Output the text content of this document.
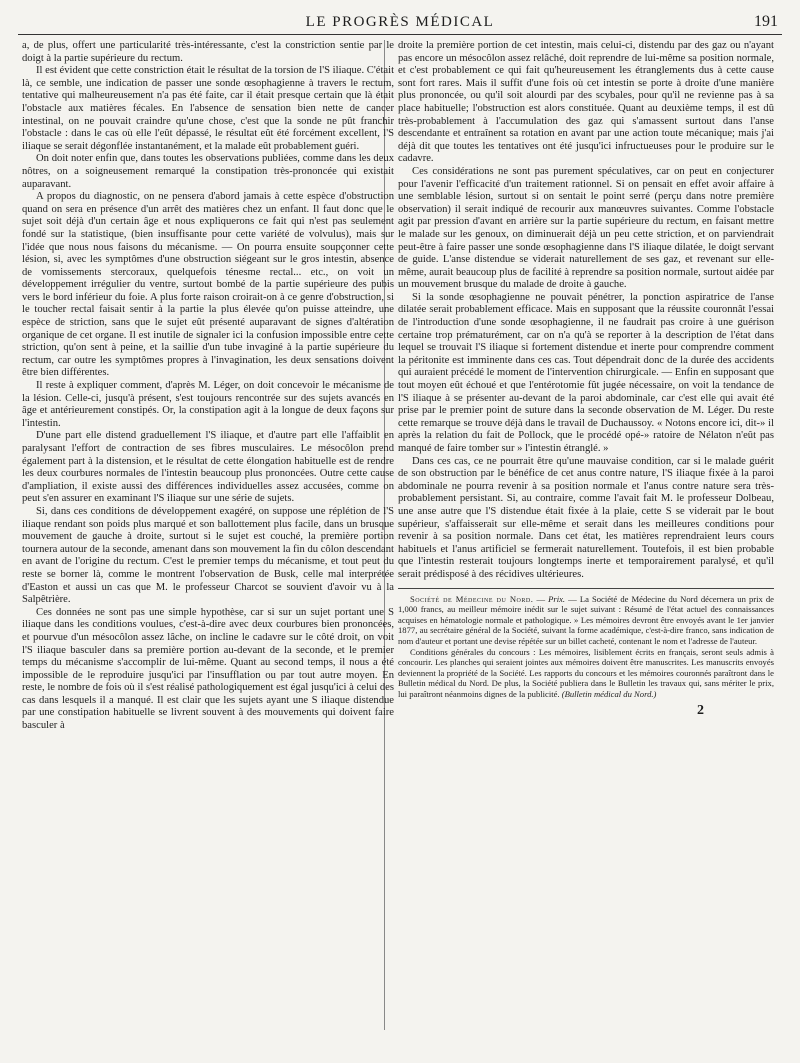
LE PROGRÈS MÉDICAL	191

a, de plus, offert une particularité très-intéressante, c'est la constriction sentie par le doigt à la partie supérieure du rectum.

Il est évident que cette constriction était le résultat de la torsion de l'S iliaque. C'était là, ce semble, une indication de passer une sonde œsophagienne à travers le rectum, tentative qui malheureusement n'a pas été faite, car il était presque certain que là était l'obstacle aux matières fécales. En l'absence de sensation bien nette de cancer intestinal, on ne pouvait craindre qu'une chose, c'est que la sonde ne pût franchir l'obstacle : dans le cas où elle l'eût dépassé, le résultat eût été forcément excellent, l'S iliaque se serait dégonflée instantanément, et la malade eût probablement guéri.

On doit noter enfin que, dans toutes les observations publiées, comme dans les deux nôtres, on a soigneusement remarqué la constipation très-prononcée qui existait auparavant.

A propos du diagnostic, on ne pensera d'abord jamais à cette espèce d'obstruction quand on sera en présence d'un arrêt des matières chez un enfant. Il faut donc que le sujet soit déjà d'un certain âge et nous expliquerons ce fait qui n'est pas seulement fondé sur la statistique, (bien insuffisante pour cette variété de volvulus), mais sur l'idée que nous nous faisons du mécanisme. — On pourra ensuite soupçonner cette lésion, si, avec les symptômes d'une obstruction siégeant sur le gros intestin, absence de vomissements stercoraux, quelquefois ténesme rectal... etc., on voit un développement irrégulier du ventre, surtout bombé de la partie supérieure des pubis vers le bord inférieur du foie. A plus forte raison croirait-on à ce genre d'obstruction, si le toucher rectal faisait sentir à la partie la plus élevée qu'on puisse atteindre, une espèce de striction, sans que le sujet eût présenté auparavant de signes d'altération organique de cet organe. Il est inutile de signaler ici la confusion impossible entre cette striction, qu'on sent à peine, et la saillie d'un tube invaginé à la partie supérieure du rectum, car outre les symptômes propres à l'invagination, les deux sensations doivent être bien différentes.

Il reste à expliquer comment, d'après M. Léger, on doit concevoir le mécanisme de la lésion. Celle-ci, jusqu'à présent, s'est toujours rencontrée sur des sujets avancés en âge et antérieurement constipés. Or, la constipation agit à la longue de deux façons sur l'intestin.

D'une part elle distend graduellement l'S iliaque, et d'autre part elle l'affaiblit en paralysant l'effort de contraction de ses fibres musculaires. Le mésocôlon prend également part à la distension, et le résultat de cette élongation habituelle est de rendre les deux courbures normales de l'intestin beaucoup plus prononcées. Outre cette cause d'ampliation, il existe aussi des différences individuelles assez accusées, comme on peut s'en assurer en examinant l'S iliaque sur une série de sujets.

Si, dans ces conditions de développement exagéré, on suppose une réplétion de l'S iliaque rendant son poids plus marqué et son ballottement plus facile, dans un brusque mouvement de gauche à droite, surtout si le sujet est couché, la première portion tournera autour de la seconde, amenant dans son mouvement la fin du côlon descendant en avant de l'origine du rectum. C'est le premier temps du mécanisme, et tout peut du reste se borner là, comme le montrent l'observation de Busk, celle mal interprétée d'Easton et aussi un cas que M. le professeur Charcot se souvient d'avoir vu à la Salpêtrière.

Ces données ne sont pas une simple hypothèse, car si sur un sujet portant une S iliaque dans les conditions voulues, c'est-à-dire avec deux courbures bien prononcées, et pourvue d'un mésocôlon assez lâche, on incline le cadavre sur le côté droit, on voit l'S iliaque basculer dans sa première portion au-devant de la seconde, et le premier temps du mécanisme s'accomplir de lui-même. Quant au second temps, il nous a été impossible de le reproduire jusqu'ici par l'insufflation ou par tout autre moyen. En reste, le nombre de fois où il s'est réalisé pathologiquement est égal jusqu'ici à celui des cas dans lesquels il a manqué. Il est clair que les sujets ayant une S iliaque distendue par une constipation habituelle se livrent souvent à des mouvements qui doivent faire basculer à

droite la première portion de cet intestin, mais celui-ci, distendu par des gaz ou n'ayant pas encore un mésocôlon assez relâché, doit reprendre de lui-même sa position normale, et c'est probablement ce qui fait qu'heureusement les étranglements dus à cette cause sont fort rares. Mais il suffit d'une fois où cet intestin se porte à droite d'une manière plus prononcée, ou qu'il soit alourdi par des scybales, pour qu'il ne revienne pas à sa place habituelle; l'obstruction est alors constituée. Quant au deuxième temps, il est dû très-probablement à l'accumulation des gaz qui s'amassent surtout dans l'anse descendante et entraînent sa rotation en avant par une action toute mécanique; mais j'ai déjà dit que toutes les tentatives ont été jusqu'ici infructueuses pour le produire sur le cadavre.

Ces considérations ne sont pas purement spéculatives, car on peut en conjecturer pour l'avenir l'efficacité d'un traitement rationnel. Si on pensait en effet avoir affaire à une semblable lésion, surtout si on sentait le point serré (perçu dans notre première observation) il serait indiqué de recourir aux manœuvres suivantes. Comme l'obstacle agit par pression d'avant en arrière sur la partie supérieure du rectum, en faisant mettre le malade sur les genoux, on diminuerait déjà un peu cette striction, et on parviendrait peut-être à faire passer une sonde œsophagienne dans l'S iliaque dilatée, le doigt servant de guide. L'anse distendue se viderait naturellement de ses gaz, et revenant sur elle-même, aurait beaucoup plus de facilité à reprendre sa position normale, surtout aidée par un mouvement brusque du malade de droite à gauche.

Si la sonde œsophagienne ne pouvait pénétrer, la ponction aspiratrice de l'anse dilatée serait probablement efficace. Mais en supposant que la réussite couronnât l'essai de l'introduction d'une sonde œsophagienne, il ne faudrait pas croire à une guérison certaine trop prématurément, car on n'a qu'à se reporter à la description de l'état dans lequel se trouvait l'S iliaque si fortement distendue et inerte pour comprendre comment la péritonite est imminente dans ces cas. Tout dépendrait donc de la durée des accidents qui auraient précédé le moment de l'intervention chirurgicale. — Enfin en supposant que tout moyen eût échoué et que l'entérotomie fût jugée nécessaire, on voit la tendance de l'S iliaque à se présenter au-devant de la paroi abdominale, car c'est elle qui avait été prise par le premier point de suture dans la seconde observation de M. Léger. Du reste cette remarque se trouve déjà dans le travail de Duchaussoy. « Notons encore ici, dit-» il après la relation du fait de Pollock, que le procédé opé-» ratoire de Nélaton n'eût pas manqué de faire tomber sur » l'intestin étranglé. »

Dans ces cas, ce ne pourrait être qu'une mauvaise condition, car si le malade guérit de son obstruction par le bénéfice de cet anus contre nature, l'S iliaque fixée à la paroi abdominale ne pourra revenir à sa position normale et l'anus contre nature sera très-probablement persistant. Si, au contraire, comme l'avait fait M. le professeur Dolbeau, une anse autre que l'S distendue était fixée à la plaie, cette S se viderait par le bout supérieur, s'affaisserait sur elle-même et serait dans les meilleures conditions pour revenir à sa position normale. Dans cet état, les matières reprendraient leurs cours habituels et l'anus artificiel se fermerait naturellement. Toutefois, il est bien probable que l'intestin resterait toujours longtemps inerte et temporairement paralysé, et qu'il serait prédisposé à des récidives ultérieures.

Société de Médecine du Nord. — Prix. — La Société de Médecine du Nord décernera un prix de 1,000 francs, au meilleur mémoire inédit sur le sujet suivant : Résumé de l'état actuel des connaissances acquises en hématologie normale et pathologique. » Les mémoires devront être envoyés avant le 1er janvier 1877, au secrétaire général de la Société, suivant la forme académique, c'est-à-dire franco, sans indication de nom d'auteur et portant une devise répétée sur un billet cacheté, contenant le nom et l'adresse de l'auteur.

Conditions générales du concours : Les mémoires, lisiblement écrits en français, seront seuls admis à concourir. Les planches qui seraient jointes aux mémoires doivent être manuscrites. Les manuscrits envoyés deviennent la propriété de la Société. Les rapports du concours et les mémoires couronnés paraîtront dans le Bulletin médical du Nord. De plus, la Société publiera dans le Bulletin les travaux qui, sans mériter le prix, lui paraîtront néanmoins dignes de la publicité. (Bulletin médical du Nord.)

2
